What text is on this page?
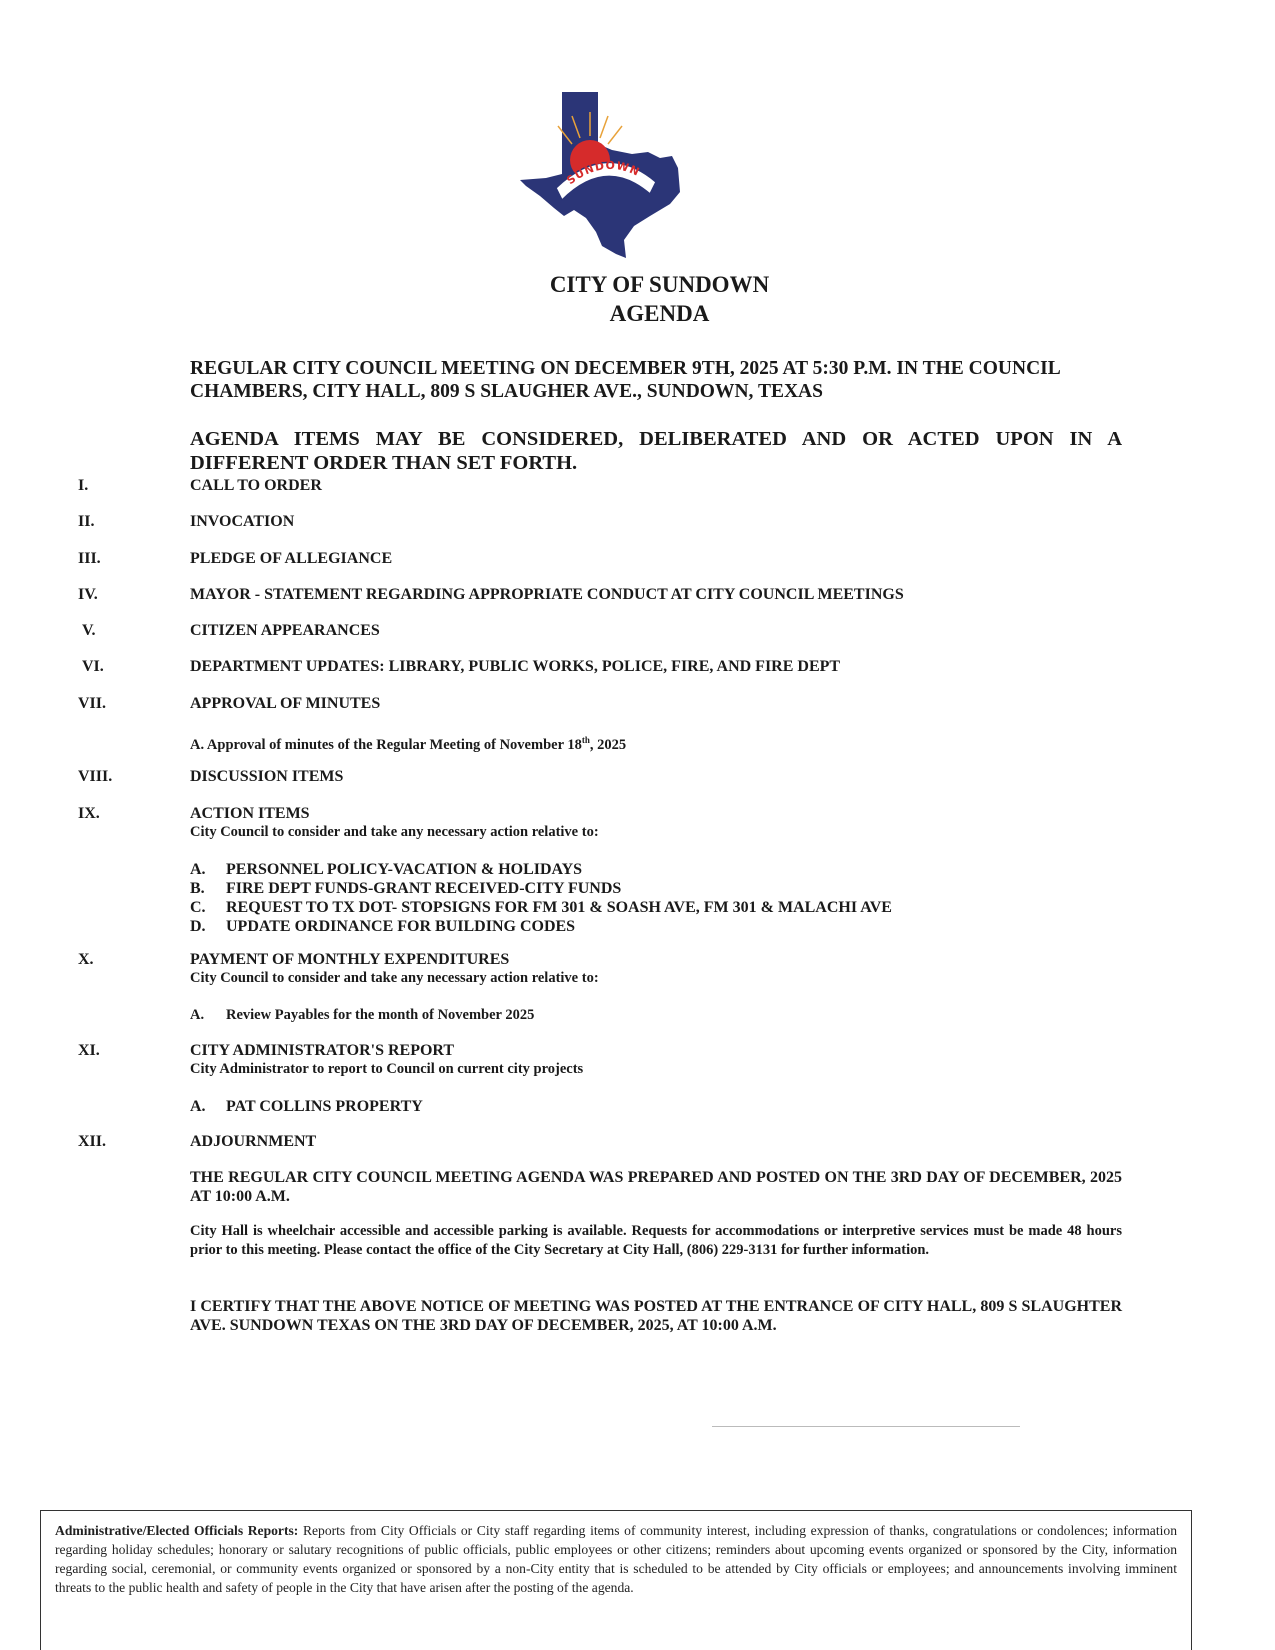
SUNDOWN
CITY OF SUNDOWN
AGENDA
REGULAR CITY COUNCIL MEETING ON DECEMBER 9TH, 2025 AT 5:30 P.M. IN THE COUNCIL CHAMBERS, CITY HALL, 809 S SLAUGHER AVE., SUNDOWN, TEXAS
AGENDA ITEMS MAY BE CONSIDERED, DELIBERATED AND OR ACTED UPON IN A DIFFERENT ORDER THAN SET FORTH.
I.	CALL TO ORDER
II.	INVOCATION
III.	PLEDGE OF ALLEGIANCE
IV.	MAYOR - STATEMENT REGARDING APPROPRIATE CONDUCT AT CITY COUNCIL MEETINGS
V.	CITIZEN APPEARANCES
VI.	DEPARTMENT UPDATES: LIBRARY, PUBLIC WORKS, POLICE, FIRE, AND FIRE DEPT
VII.	APPROVAL OF MINUTES
A. Approval of minutes of the Regular Meeting of November 18th, 2025
VIII.	DISCUSSION ITEMS
IX.	ACTION ITEMS
City Council to consider and take any necessary action relative to:
A. PERSONNEL POLICY-VACATION & HOLIDAYS
B. FIRE DEPT FUNDS-GRANT RECEIVED-CITY FUNDS
C. REQUEST TO TX DOT- STOPSIGNS FOR FM 301 & SOASH AVE, FM 301 & MALACHI AVE
D. UPDATE ORDINANCE FOR BUILDING CODES
X.	PAYMENT OF MONTHLY EXPENDITURES
City Council to consider and take any necessary action relative to:
A. Review Payables for the month of November 2025
XI.	CITY ADMINISTRATOR'S REPORT
City Administrator to report to Council on current city projects
A. PAT COLLINS PROPERTY
XII.	ADJOURNMENT
THE REGULAR CITY COUNCIL MEETING AGENDA WAS PREPARED AND POSTED ON THE 3RD DAY OF DECEMBER, 2025 AT 10:00 A.M.
City Hall is wheelchair accessible and accessible parking is available. Requests for accommodations or interpretive services must be made 48 hours prior to this meeting. Please contact the office of the City Secretary at City Hall, (806) 229-3131 for further information.
I CERTIFY THAT THE ABOVE NOTICE OF MEETING WAS POSTED AT THE ENTRANCE OF CITY HALL, 809 S SLAUGHTER AVE. SUNDOWN TEXAS ON THE 3RD DAY OF DECEMBER, 2025, AT 10:00 A.M.
Administrative/Elected Officials Reports: Reports from City Officials or City staff regarding items of community interest, including expression of thanks, congratulations or condolences; information regarding holiday schedules; honorary or salutary recognitions of public officials, public employees or other citizens; reminders about upcoming events organized or sponsored by the City, information regarding social, ceremonial, or community events organized or sponsored by a non-City entity that is scheduled to be attended by City officials or employees; and announcements involving imminent threats to the public health and safety of people in the City that have arisen after the posting of the agenda.
